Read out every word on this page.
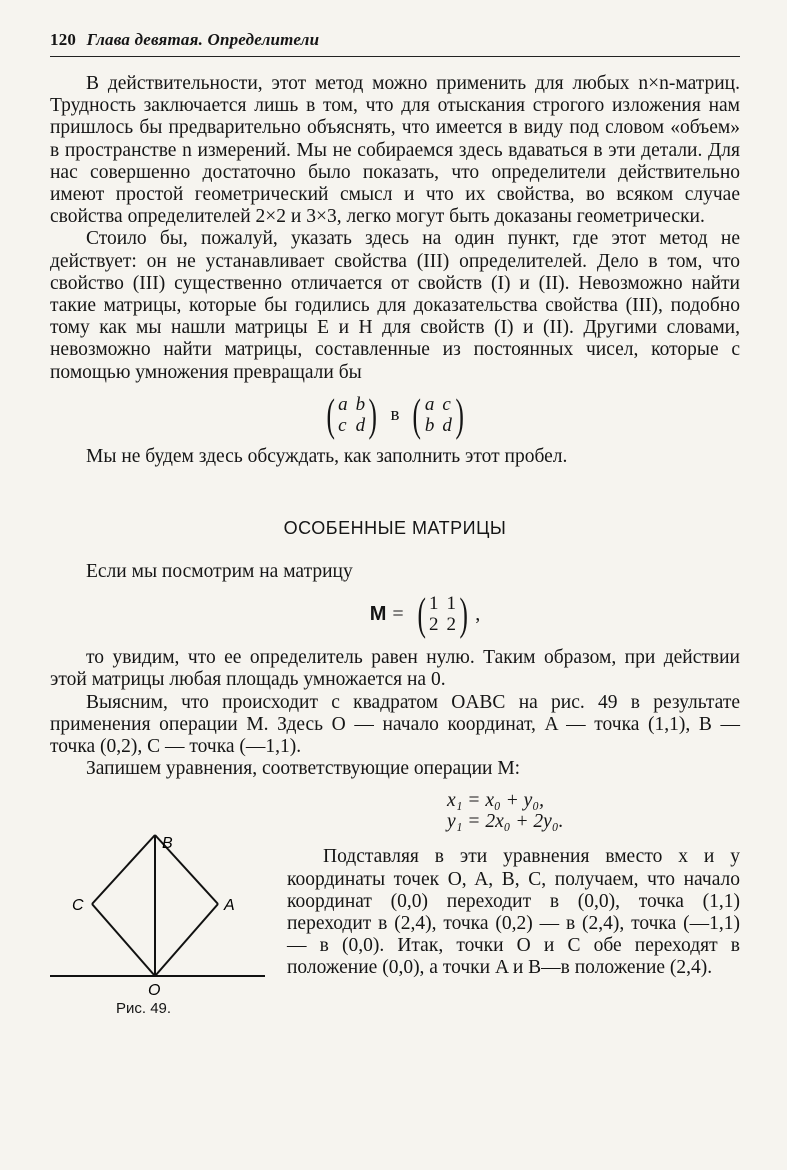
120 Глава девятая. Определители

В действительности, этот метод можно применить для любых n×n-матриц. Трудность заключается лишь в том, что для отыскания строгого изложения нам пришлось бы предварительно объяснять, что имеется в виду под словом «объем» в пространстве n измерений. Мы не собираемся здесь вдаваться в эти детали. Для нас совершенно достаточно было показать, что определители действительно имеют простой геометрический смысл и что их свойства, во всяком случае свойства определителей 2×2 и 3×3, легко могут быть доказаны геометрически.

Стоило бы, пожалуй, указать здесь на один пункт, где этот метод не действует: он не устанавливает свойства (III) определителей. Дело в том, что свойство (III) существенно отличается от свойств (I) и (II). Невозможно найти такие матрицы, которые бы годились для доказательства свойства (III), подобно тому как мы нашли матрицы E и H для свойств (I) и (II). Другими словами, невозможно найти матрицы, составленные из постоянных чисел, которые с помощью умножения превращали бы

( a b
c d ) в ( a c
b d )

Мы не будем здесь обсуждать, как заполнить этот пробел.

ОСОБЕННЫЕ МАТРИЦЫ

Если мы посмотрим на матрицу

M = ( 1 1
2 2 ) ,

то увидим, что ее определитель равен нулю. Таким образом, при действии этой матрицы любая площадь умножается на 0.

Выясним, что происходит с квадратом OABC на рис. 49 в результате применения операции M. Здесь O — начало координат, A — точка (1,1), B — точка (0,2), C — точка (—1,1).

Запишем уравнения, соответствующие операции M:

B
C	A
O
Рис. 49.
x₁ = x₀ + y₀,
y₁ = 2x₀ + 2y₀.

Подставляя в эти уравнения вместо x и y координаты точек O, A, B, C, получаем, что начало координат (0,0) переходит в (0,0), точка (1,1) переходит в (2,4), точка (0,2) — в (2,4), точка (—1,1) — в (0,0). Итак, точки O и C обе переходят в положение (0,0), а точки A и B—в положение (2,4).
